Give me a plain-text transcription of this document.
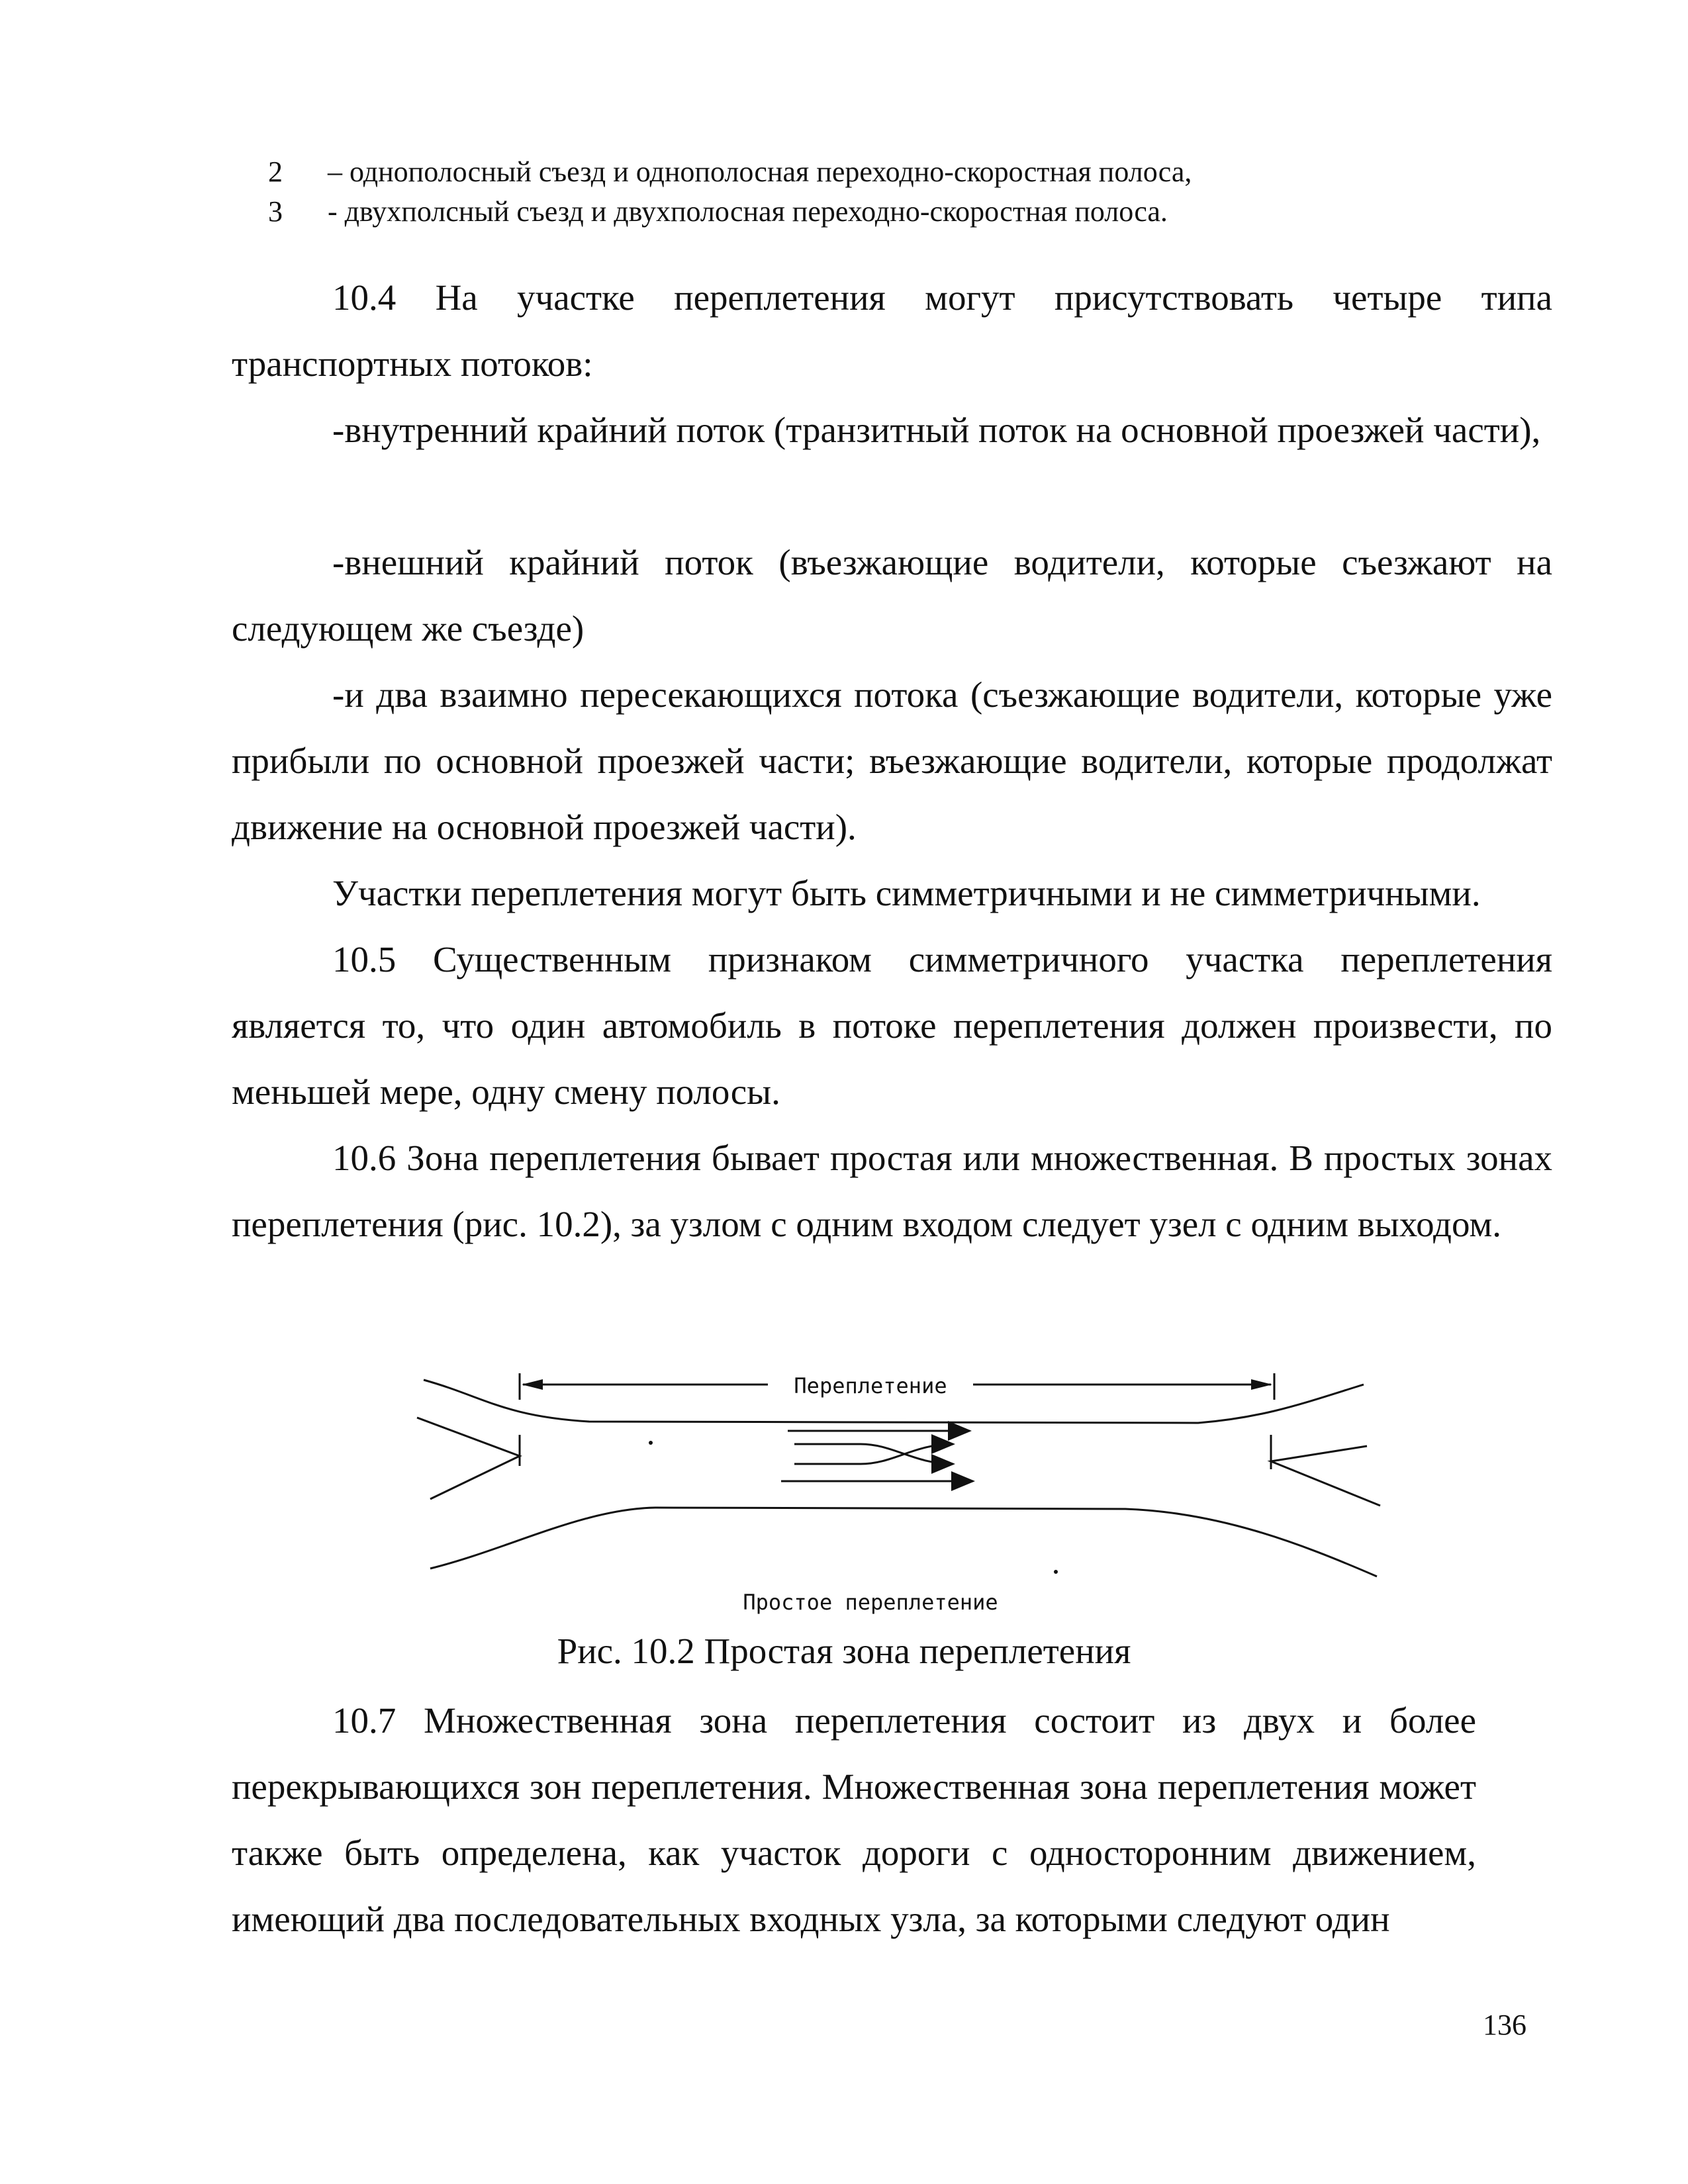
2 – однополосный съезд и однополосная переходно-скоростная полоса,
3 - двухполсный съезд и двухполосная переходно-скоростная полоса.

10.4 На участке переплетения могут присутствовать четыре типа транспортных потоков:

-внутренний крайний поток (транзитный поток на основной проезжей части),

-внешний крайний поток (въезжающие водители, которые съезжают на следующем же съезде)

-и два взаимно пересекающихся потока (съезжающие водители, которые уже прибыли по основной проезжей части; въезжающие водители, которые продолжат движение на основной проезжей части).

Участки переплетения могут быть симметричными и не симметричными.

10.5 Существенным признаком симметричного участка переплетения является то, что один автомобиль в потоке переплетения должен произвести, по меньшей мере, одну смену полосы.

10.6 Зона переплетения бывает простая или множественная. В простых зонах переплетения (рис. 10.2), за узлом с одним входом следует узел с одним выходом.

Переплетение
Простое переплетение
Рис. 10.2 Простая зона переплетения

10.7 Множественная зона переплетения состоит из двух и более перекрывающихся зон переплетения. Множественная зона переплетения может также быть определена, как участок дороги с односторонним движением, имеющий два последовательных входных узла, за которыми следуют один

136
